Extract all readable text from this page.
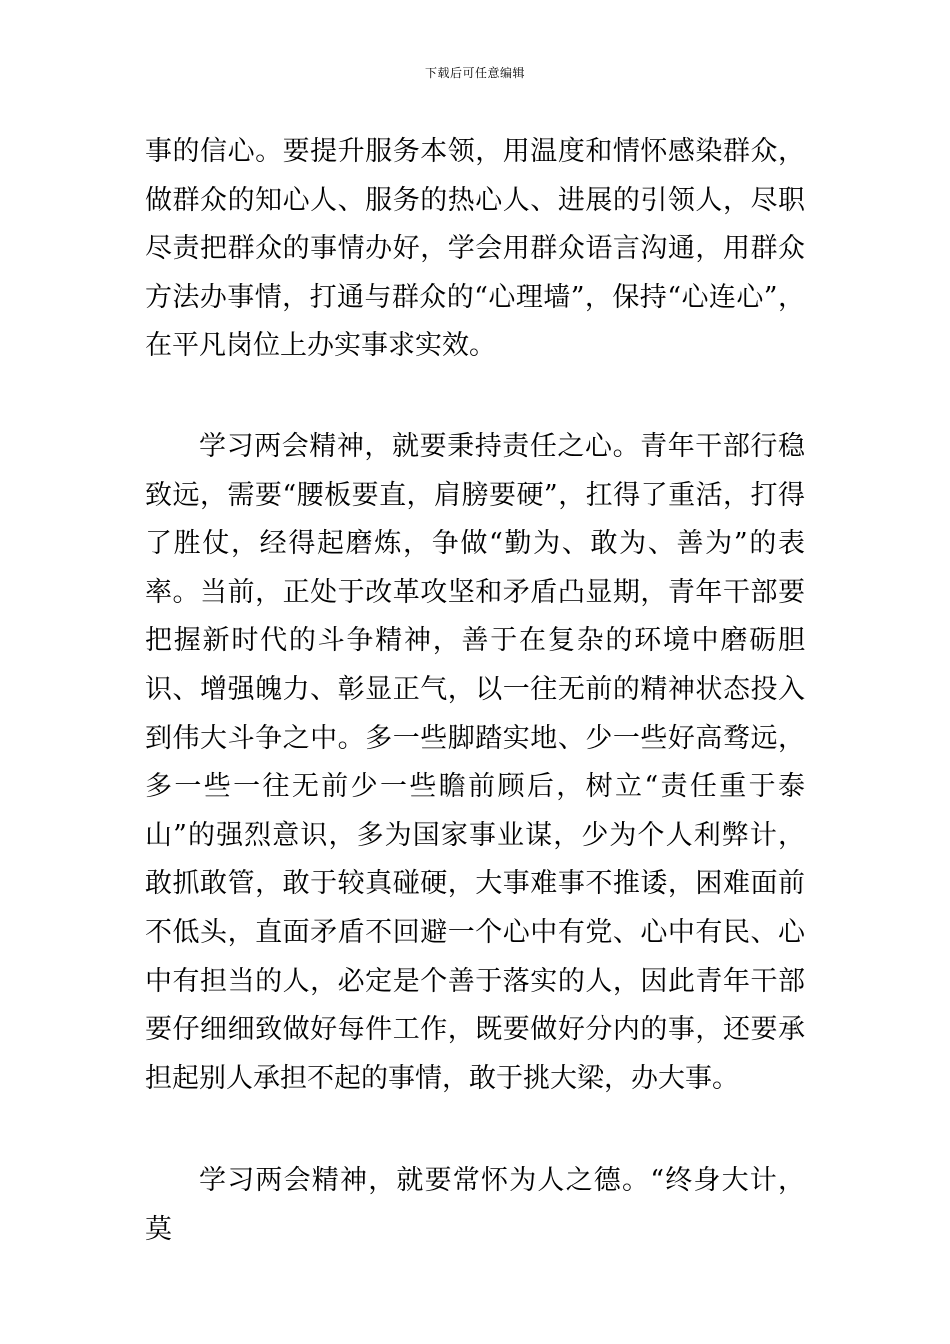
下载后可任意编辑

事的信心。要提升服务本领，用温度和情怀感染群众，做群众的知心人、服务的热心人、进展的引领人，尽职尽责把群众的事情办好，学会用群众语言沟通，用群众方法办事情，打通与群众的“心理墙”，保持“心连心”，在平凡岗位上办实事求实效。

学习两会精神，就要秉持责任之心。青年干部行稳致远，需要“腰板要直，肩膀要硬”，扛得了重活，打得了胜仗，经得起磨炼，争做“勤为、敢为、善为”的表率。当前，正处于改革攻坚和矛盾凸显期，青年干部要把握新时代的斗争精神，善于在复杂的环境中磨砺胆识、增强魄力、彰显正气，以一往无前的精神状态投入到伟大斗争之中。多一些脚踏实地、少一些好高骛远，多一些一往无前少一些瞻前顾后，树立“责任重于泰山”的强烈意识，多为国家事业谋，少为个人利弊计，敢抓敢管，敢于较真碰硬，大事难事不推诿，困难面前不低头，直面矛盾不回避一个心中有党、心中有民、心中有担当的人，必定是个善于落实的人，因此青年干部要仔细细致做好每件工作，既要做好分内的事，还要承担起别人承担不起的事情，敢于挑大梁，办大事。

学习两会精神，就要常怀为人之德。“终身大计，莫
